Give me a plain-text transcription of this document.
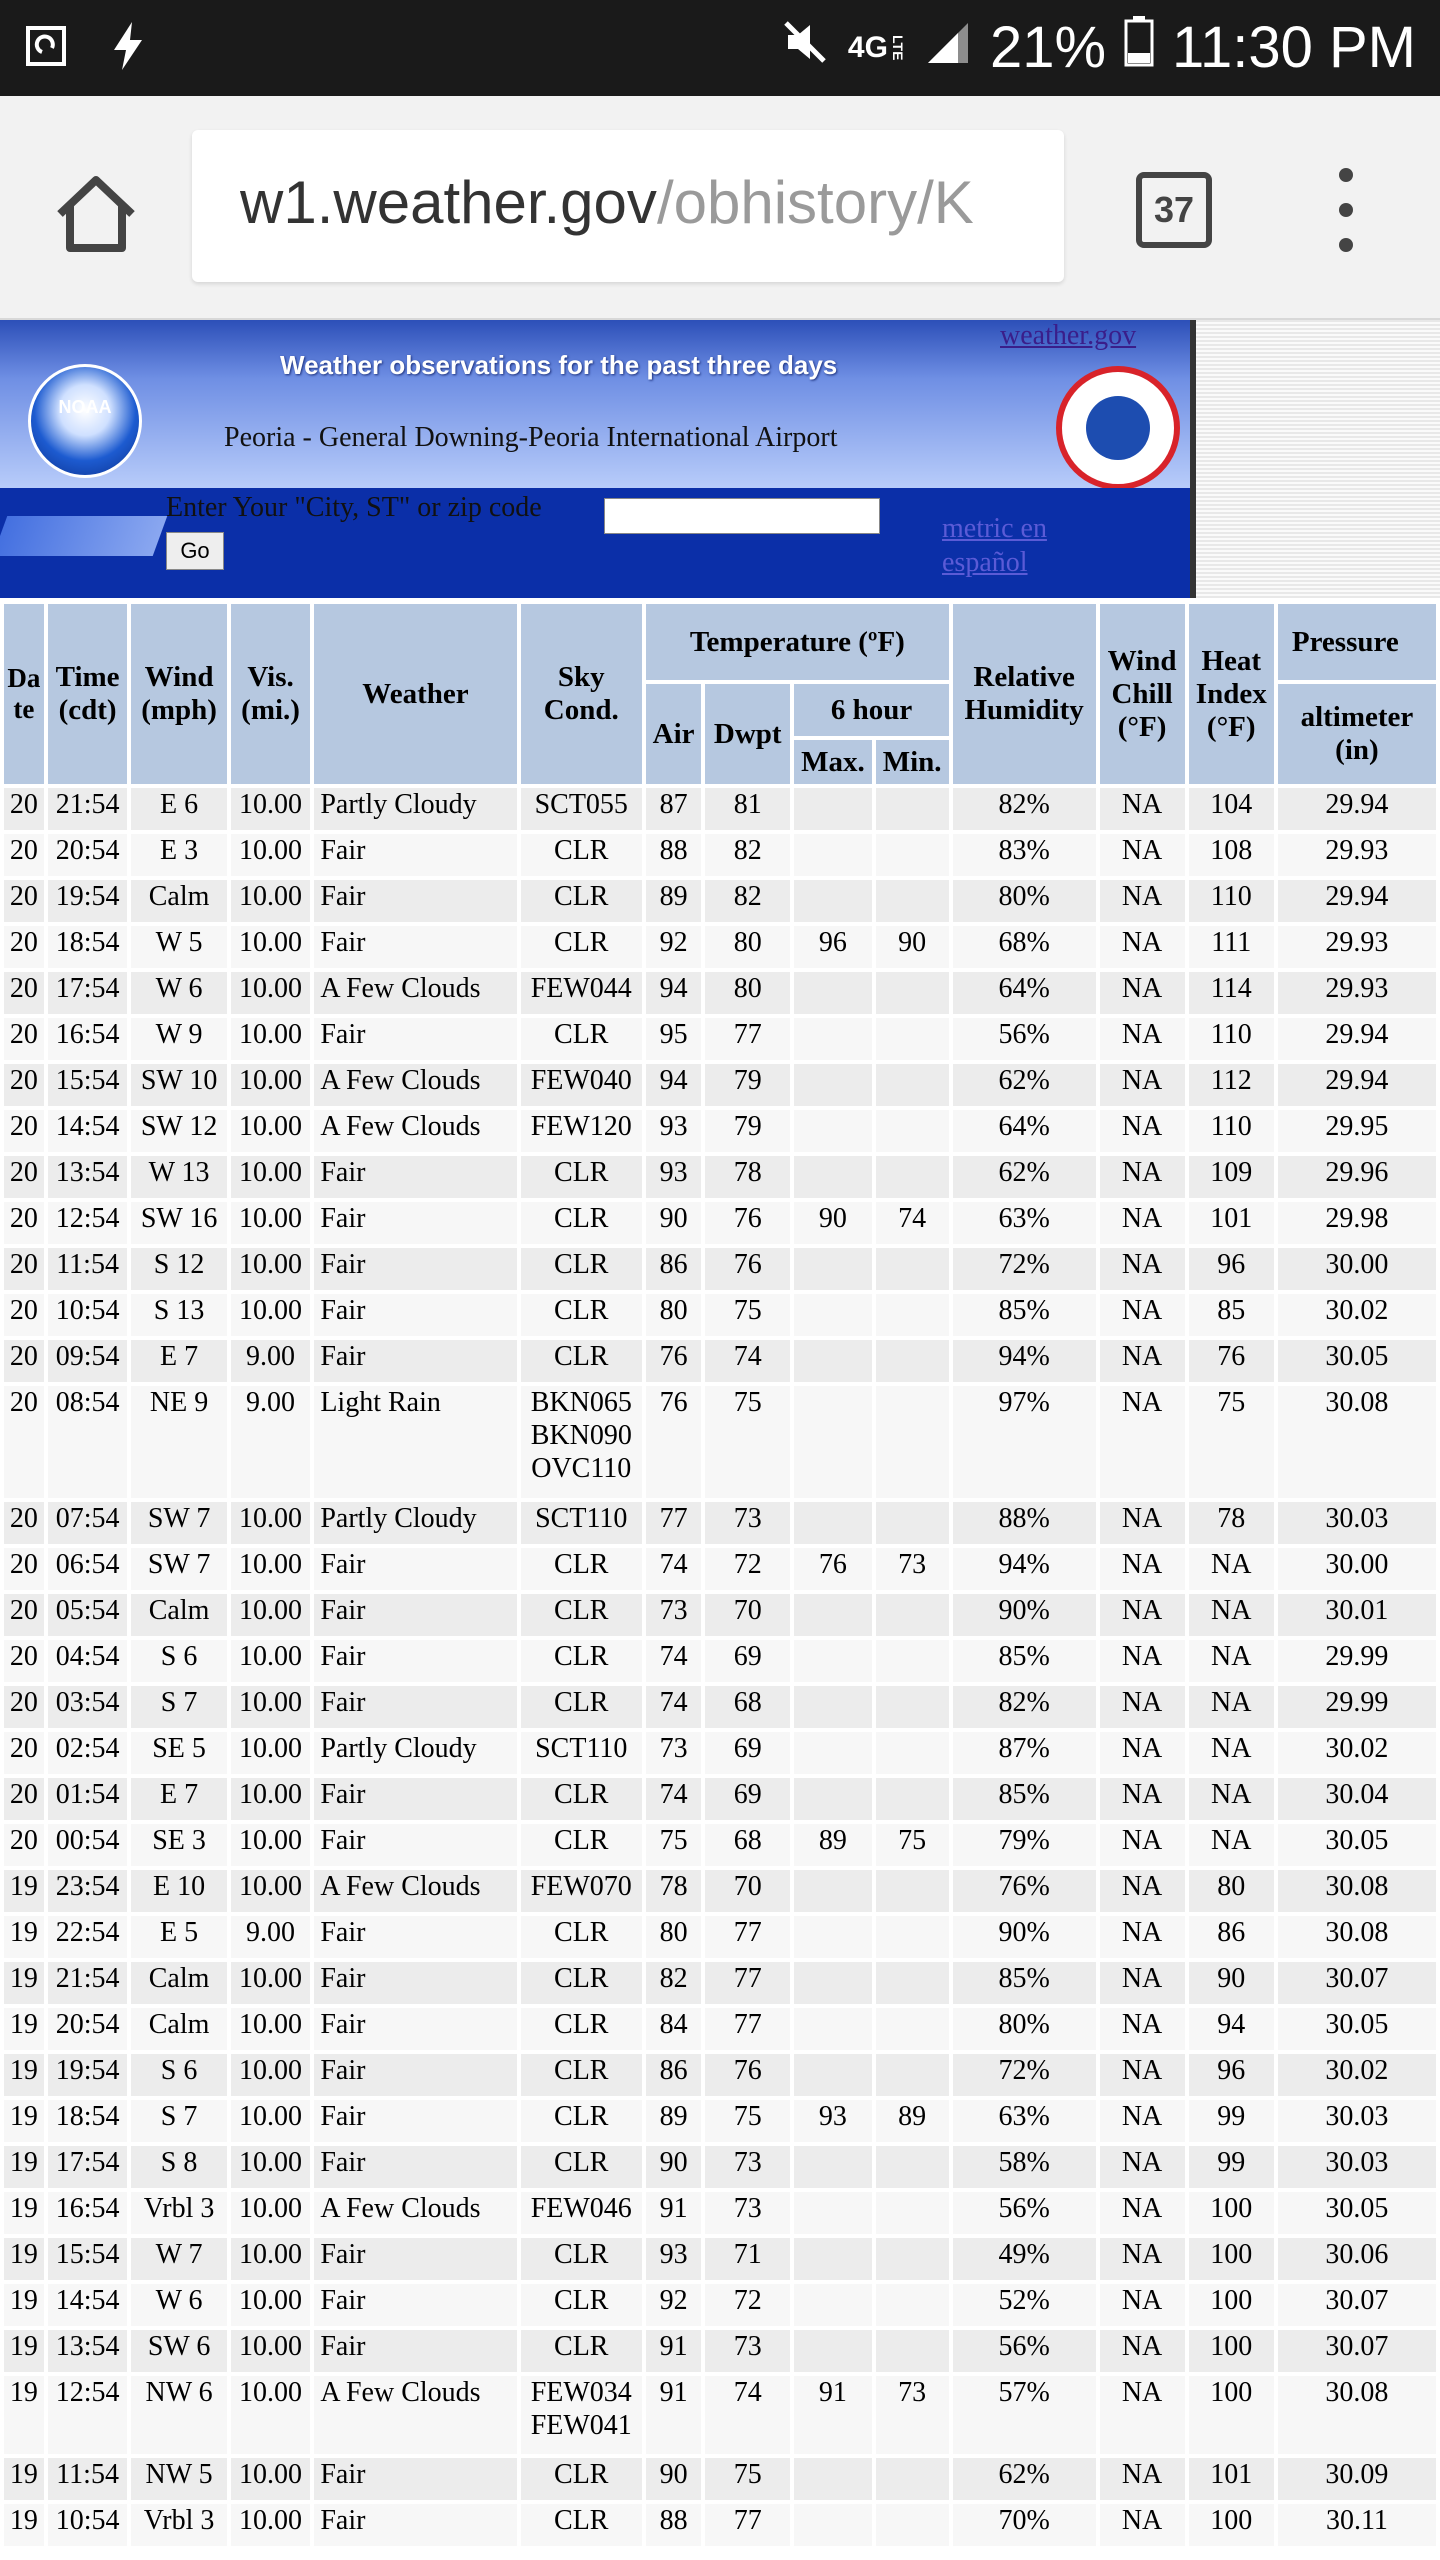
4G LTE 21% 11:30 PM
w1.weather.gov/obhistory/K	37
NOAA
Weather observations for the past three days
Peoria - General Downing-Peoria International Airport
weather.gov
Enter Your "City, ST" or zip code
Go
metric en español
Date	Time (cdt)	Wind (mph)	Vis. (mi.)	Weather	Sky Cond.	Temperature (ºF)				Relative Humidity	Wind Chill (°F)	Heat Index (°F)	Pressure
						Air	Dwpt	6 hour					altimeter (in)
								Max.	Min.				
20	21:54	E 6	10.00	Partly Cloudy	SCT055	87	81			82%	NA	104	29.94
20	20:54	E 3	10.00	Fair	CLR	88	82			83%	NA	108	29.93
20	19:54	Calm	10.00	Fair	CLR	89	82			80%	NA	110	29.94
20	18:54	W 5	10.00	Fair	CLR	92	80	96	90	68%	NA	111	29.93
20	17:54	W 6	10.00	A Few Clouds	FEW044	94	80			64%	NA	114	29.93
20	16:54	W 9	10.00	Fair	CLR	95	77			56%	NA	110	29.94
20	15:54	SW 10	10.00	A Few Clouds	FEW040	94	79			62%	NA	112	29.94
20	14:54	SW 12	10.00	A Few Clouds	FEW120	93	79			64%	NA	110	29.95
20	13:54	W 13	10.00	Fair	CLR	93	78			62%	NA	109	29.96
20	12:54	SW 16	10.00	Fair	CLR	90	76	90	74	63%	NA	101	29.98
20	11:54	S 12	10.00	Fair	CLR	86	76			72%	NA	96	30.00
20	10:54	S 13	10.00	Fair	CLR	80	75			85%	NA	85	30.02
20	09:54	E 7	9.00	Fair	CLR	76	74			94%	NA	76	30.05
20	08:54	NE 9	9.00	Light Rain	BKN065 BKN090 OVC110	76	75			97%	NA	75	30.08
20	07:54	SW 7	10.00	Partly Cloudy	SCT110	77	73			88%	NA	78	30.03
20	06:54	SW 7	10.00	Fair	CLR	74	72	76	73	94%	NA	NA	30.00
20	05:54	Calm	10.00	Fair	CLR	73	70			90%	NA	NA	30.01
20	04:54	S 6	10.00	Fair	CLR	74	69			85%	NA	NA	29.99
20	03:54	S 7	10.00	Fair	CLR	74	68			82%	NA	NA	29.99
20	02:54	SE 5	10.00	Partly Cloudy	SCT110	73	69			87%	NA	NA	30.02
20	01:54	E 7	10.00	Fair	CLR	74	69			85%	NA	NA	30.04
20	00:54	SE 3	10.00	Fair	CLR	75	68	89	75	79%	NA	NA	30.05
19	23:54	E 10	10.00	A Few Clouds	FEW070	78	70			76%	NA	80	30.08
19	22:54	E 5	9.00	Fair	CLR	80	77			90%	NA	86	30.08
19	21:54	Calm	10.00	Fair	CLR	82	77			85%	NA	90	30.07
19	20:54	Calm	10.00	Fair	CLR	84	77			80%	NA	94	30.05
19	19:54	S 6	10.00	Fair	CLR	86	76			72%	NA	96	30.02
19	18:54	S 7	10.00	Fair	CLR	89	75	93	89	63%	NA	99	30.03
19	17:54	S 8	10.00	Fair	CLR	90	73			58%	NA	99	30.03
19	16:54	Vrbl 3	10.00	A Few Clouds	FEW046	91	73			56%	NA	100	30.05
19	15:54	W 7	10.00	Fair	CLR	93	71			49%	NA	100	30.06
19	14:54	W 6	10.00	Fair	CLR	92	72			52%	NA	100	30.07
19	13:54	SW 6	10.00	Fair	CLR	91	73			56%	NA	100	30.07
19	12:54	NW 6	10.00	A Few Clouds	FEW034 FEW041	91	74	91	73	57%	NA	100	30.08
19	11:54	NW 5	10.00	Fair	CLR	90	75			62%	NA	101	30.09
19	10:54	Vrbl 3	10.00	Fair	CLR	88	77			70%	NA	100	30.11
